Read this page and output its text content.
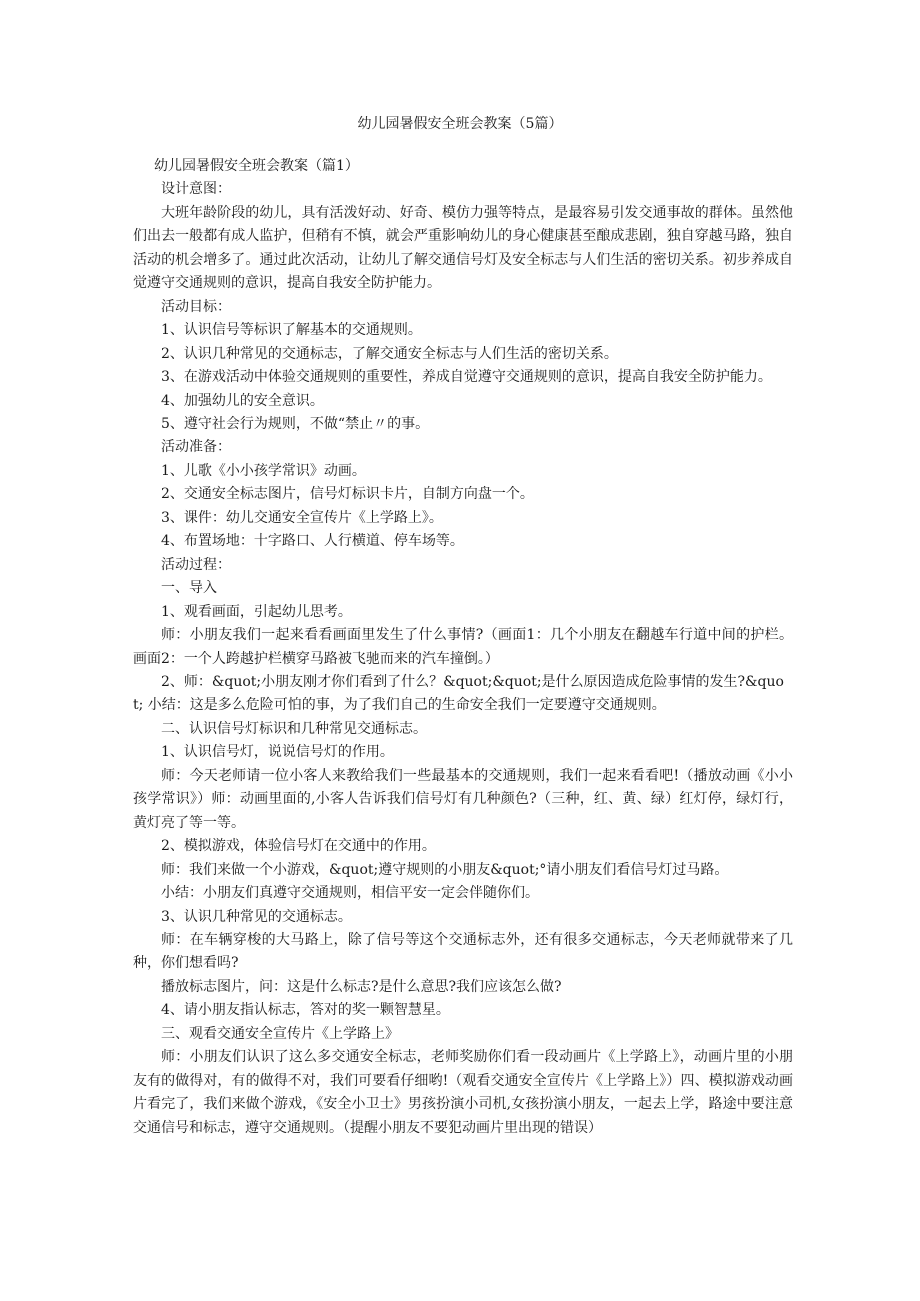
幼儿园暑假安全班会教案（5篇）

幼儿园暑假安全班会教案（篇1）

设计意图：

大班年龄阶段的幼儿，具有活泼好动、好奇、模仿力强等特点，是最容易引发交通事故的群体。虽然他们出去一般都有成人监护，但稍有不慎，就会严重影响幼儿的身心健康甚至酿成悲剧，独自穿越马路，独自活动的机会增多了。通过此次活动，让幼儿了解交通信号灯及安全标志与人们生活的密切关系。初步养成自觉遵守交通规则的意识，提高自我安全防护能力。

活动目标：

1、认识信号等标识了解基本的交通规则。

2、认识几种常见的交通标志，了解交通安全标志与人们生活的密切关系。

3、在游戏活动中体验交通规则的重要性，养成自觉遵守交通规则的意识，提高自我安全防护能力。

4、加强幼儿的安全意识。

5、遵守社会行为规则，不做“禁止〃的事。

活动准备：

1、儿歌《小小孩学常识》动画。

2、交通安全标志图片，信号灯标识卡片，自制方向盘一个。

3、课件：幼儿交通安全宣传片《上学路上》。

4、布置场地：十字路口、人行横道、停车场等。

活动过程：

一、导入

1、观看画面，引起幼儿思考。

师：小朋友我们一起来看看画面里发生了什么事情?（画面1：几个小朋友在翻越车行道中间的护栏。画面2：一个人跨越护栏横穿马路被飞驰而来的汽车撞倒。）

2、师：&quot;小朋友刚才你们看到了什么？&quot;&quot;是什么原因造成危险事情的发生?&quot; 小结：这是多么危险可怕的事，为了我们自己的生命安全我们一定要遵守交通规则。

二、认识信号灯标识和几种常见交通标志。

1、认识信号灯，说说信号灯的作用。

师：今天老师请一位小客人来教给我们一些最基本的交通规则，我们一起来看看吧!（播放动画《小小孩学常识》）师：动画里面的,小客人告诉我们信号灯有几种颜色?（三种，红、黄、绿）红灯停，绿灯行，黄灯亮了等一等。

2、模拟游戏，体验信号灯在交通中的作用。

师：我们来做一个小游戏，&quot;遵守规则的小朋友&quot;°请小朋友们看信号灯过马路。

小结：小朋友们真遵守交通规则，相信平安一定会伴随你们。

3、认识几种常见的交通标志。

师：在车辆穿梭的大马路上，除了信号等这个交通标志外，还有很多交通标志，今天老师就带来了几种，你们想看吗?

播放标志图片，问：这是什么标志?是什么意思?我们应该怎么做?

4、请小朋友指认标志，答对的奖一颗智慧星。

三、观看交通安全宣传片《上学路上》

师：小朋友们认识了这么多交通安全标志，老师奖励你们看一段动画片《上学路上》，动画片里的小朋友有的做得对，有的做得不对，我们可要看仔细哟!（观看交通安全宣传片《上学路上》）四、模拟游戏动画片看完了，我们来做个游戏，《安全小卫士》男孩扮演小司机,女孩扮演小朋友，一起去上学，路途中要注意交通信号和标志，遵守交通规则。（提醒小朋友不要犯动画片里出现的错误）
